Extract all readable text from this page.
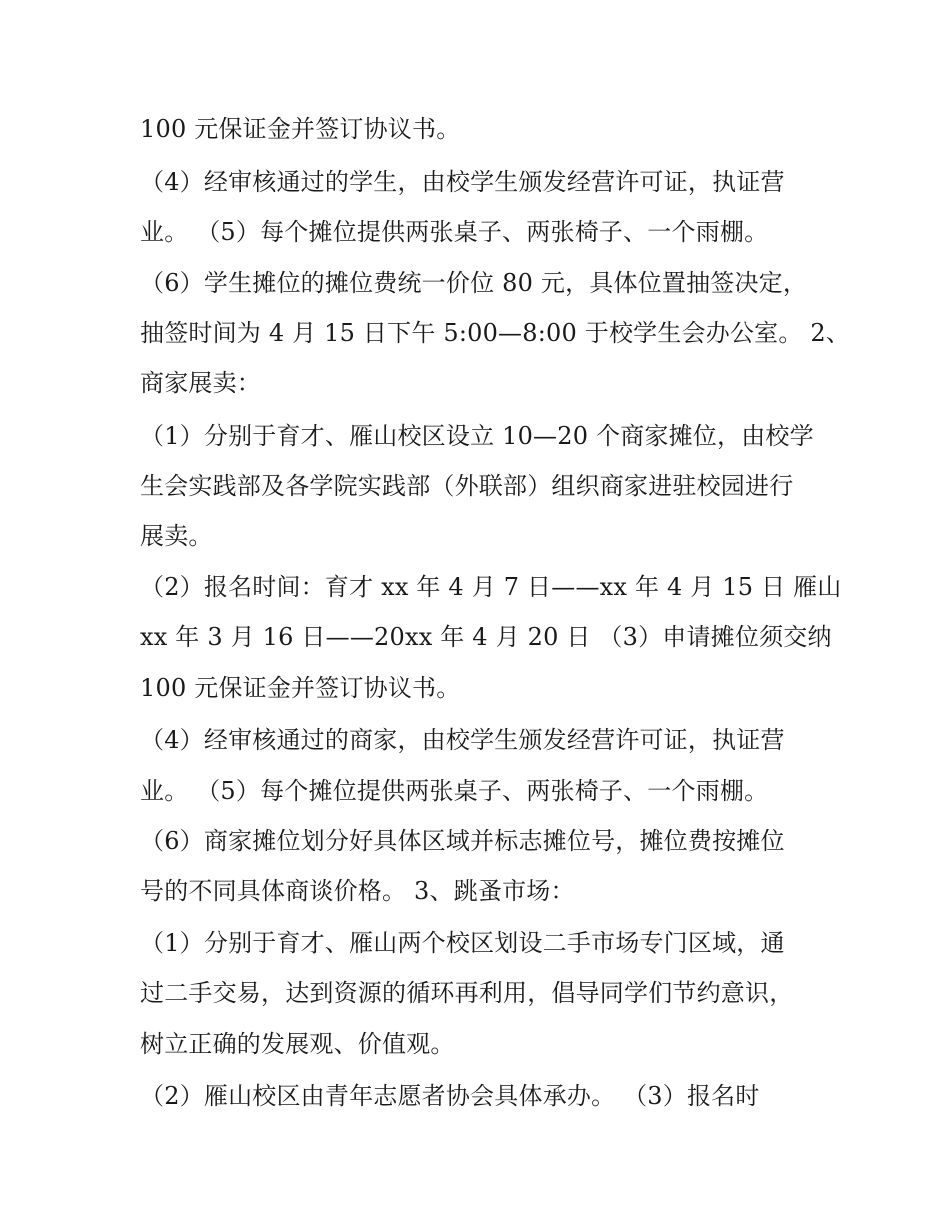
100 元保证金并签订协议书。
（4）经审核通过的学生，由校学生颁发经营许可证，执证营
业。 （5）每个摊位提供两张桌子、两张椅子、一个雨棚。
（6）学生摊位的摊位费统一价位 80 元，具体位置抽签决定，
抽签时间为 4 月 15 日下午 5:00—8:00 于校学生会办公室。 2、
商家展卖：
（1）分别于育才、雁山校区设立 10—20 个商家摊位，由校学
生会实践部及各学院实践部（外联部）组织商家进驻校园进行
展卖。
（2）报名时间：育才 xx 年 4 月 7 日——xx 年 4 月 15 日 雁山
xx 年 3 月 16 日——20xx 年 4 月 20 日 （3）申请摊位须交纳
100 元保证金并签订协议书。
（4）经审核通过的商家，由校学生颁发经营许可证，执证营
业。 （5）每个摊位提供两张桌子、两张椅子、一个雨棚。
（6）商家摊位划分好具体区域并标志摊位号，摊位费按摊位
号的不同具体商谈价格。 3、跳蚤市场：
（1）分别于育才、雁山两个校区划设二手市场专门区域，通
过二手交易，达到资源的循环再利用，倡导同学们节约意识，
树立正确的发展观、价值观。
（2）雁山校区由青年志愿者协会具体承办。 （3）报名时
